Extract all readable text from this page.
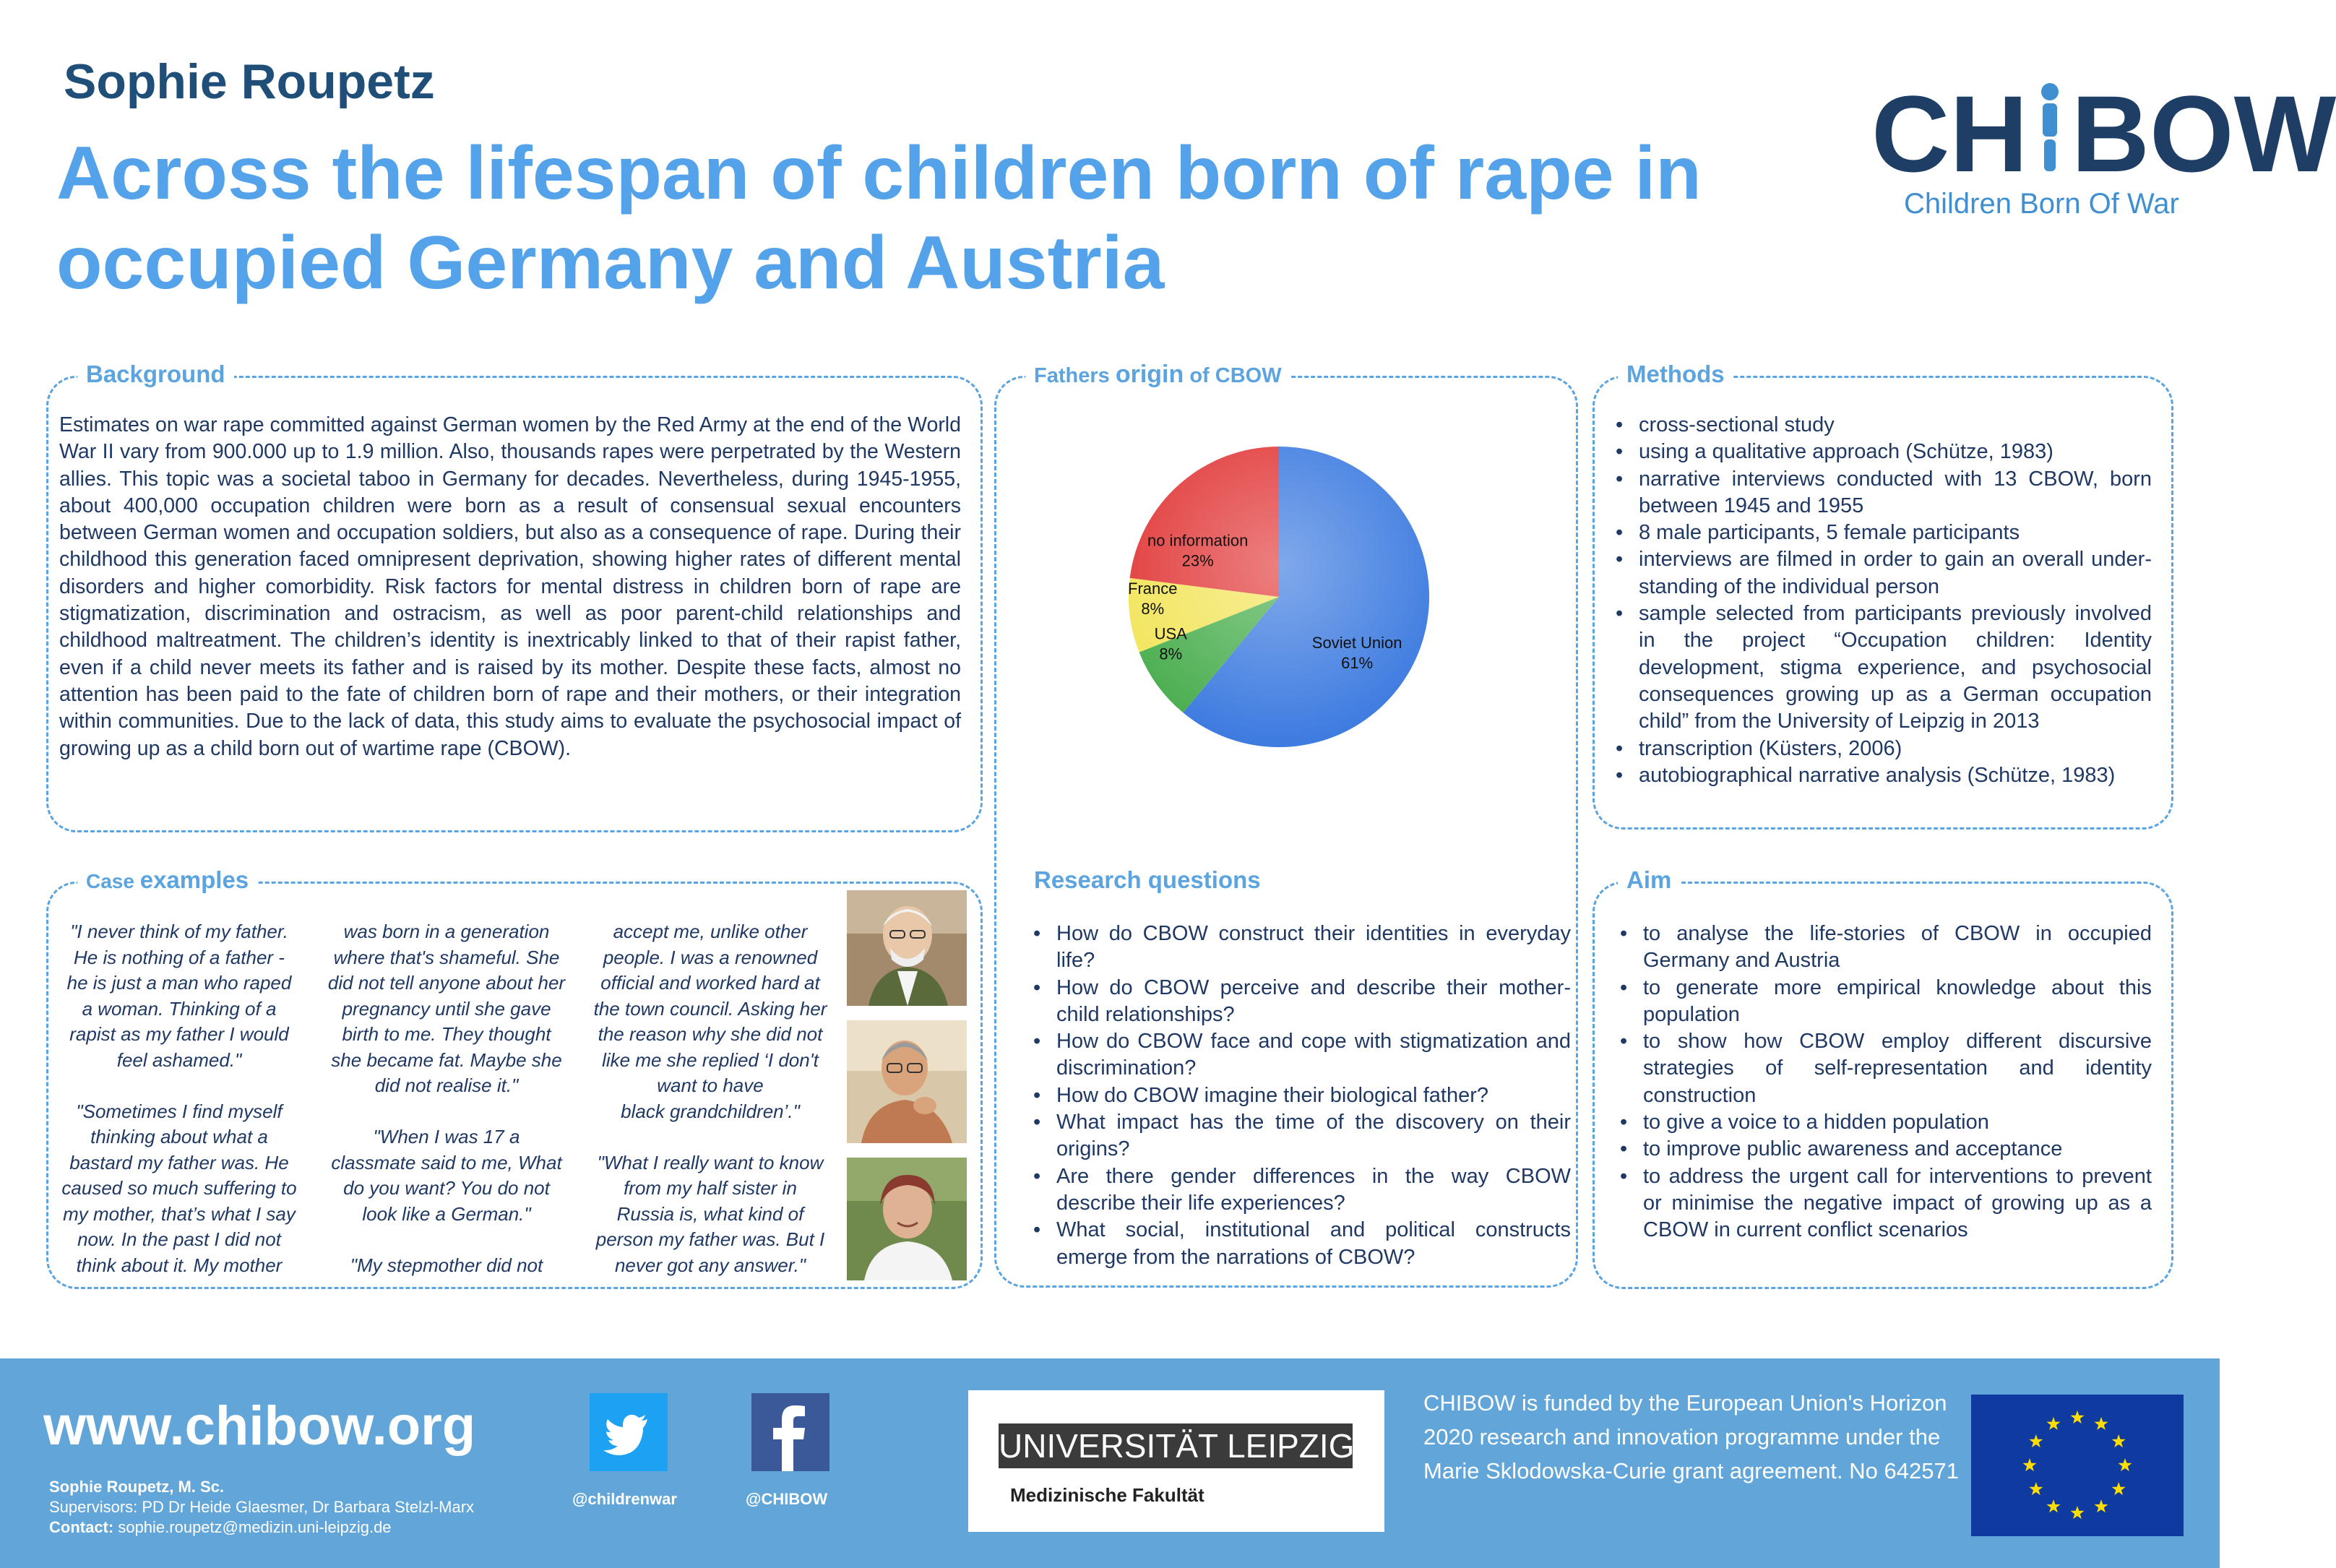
Sophie Roupetz
Across the lifespan of children born of rape in occupied Germany and Austria
CH BOW
Children Born Of War
Background
Estimates on war rape committed against German women by the Red Army at the end of the World War II vary from 900.000 up to 1.9 million. Also, thousands rapes were perpetrated by the Western allies. This topic was a societal taboo in Germany for decades. Nevertheless, during 1945-1955, about 400,000 occupation children were born as a result of consensual sexual encounters between German women and occupation soldiers, but also as a consequence of rape. During their childhood this generation faced omnipresent deprivation, showing higher rates of different mental disorders and higher comorbidity. Risk factors for mental distress in children born of rape are stigmatization, discrimination and ostracism, as well as poor parent-child relationships and childhood maltreatment. The children’s identity is inextricably linked to that of their rapist father, even if a child never meets its father and is raised by its mother. Despite these facts, almost no attention has been paid to the fate of children born of rape and their mothers, or their integration within communities. Due to the lack of data, this study aims to evaluate the psychosocial impact of growing up as a child born out of wartime rape (CBOW).
Fathers origin of CBOW
Soviet Union
61%
USA
8%
France
8%
no information
23%
Methods
• cross-sectional study
• using a qualitative approach (Schütze, 1983)
• narrative interviews conducted with 13 CBOW, born between 1945 and 1955
• 8 male participants, 5 female participants
• interviews are filmed in order to gain an overall under-standing of the individual person
• sample selected from participants previously involved in the project “Occupation children: Identity development, stigma experience, and psychosocial consequences growing up as a German occupation child” from the University of Leipzig in 2013
• transcription (Küsters, 2006)
• autobiographical narrative analysis (Schütze, 1983)
Case examples
"I never think of my father.
He is nothing of a father -
he is just a man who raped
a woman. Thinking of a
rapist as my father I would
feel ashamed."

"Sometimes I find myself
thinking about what a
bastard my father was. He
caused so much suffering to
my mother, that’s what I say
now. In the past I did not
think about it. My mother
was born in a generation
where that's shameful. She
did not tell anyone about her
pregnancy until she gave
birth to me. They thought
she became fat. Maybe she
did not realise it."

"When I was 17 a
classmate said to me, What
do you want? You do not
look like a German."

"My stepmother did not
accept me, unlike other
people. I was a renowned
official and worked hard at
the town council. Asking her
the reason why she did not
like me she replied ‘I don't
want to have
black grandchildren’."

"What I really want to know
from my half sister in
Russia is, what kind of
person my father was. But I
never got any answer."
Research questions
• How do CBOW construct their identities in everyday life?
• How do CBOW perceive and describe their mother-child relationships?
• How do CBOW face and cope with stigmatization and discrimination?
• How do CBOW imagine their biological father?
• What impact has the time of the discovery on their origins?
• Are there gender differences in the way CBOW describe their life experiences?
• What social, institutional and political constructs emerge from the narrations of CBOW?
Aim
• to analyse the life-stories of CBOW in occupied Germany and Austria
• to generate more empirical knowledge about this population
• to show how CBOW employ different discursive strategies of self-representation and identity construction
• to give a voice to a hidden population
• to improve public awareness and acceptance
• to address the urgent call for interventions to prevent or minimise the negative impact of growing up as a CBOW in current conflict scenarios
www.chibow.org
Sophie Roupetz, M. Sc.
Supervisors: PD Dr Heide Glaesmer, Dr Barbara Stelzl-Marx
Contact: sophie.roupetz@medizin.uni-leipzig.de
@childrenwar	@CHIBOW
UNIVERSITÄT LEIPZIG
Medizinische Fakultät
CHIBOW is funded by the European Union's Horizon 2020 research and innovation programme under the Marie Sklodowska-Curie grant agreement. No 642571
